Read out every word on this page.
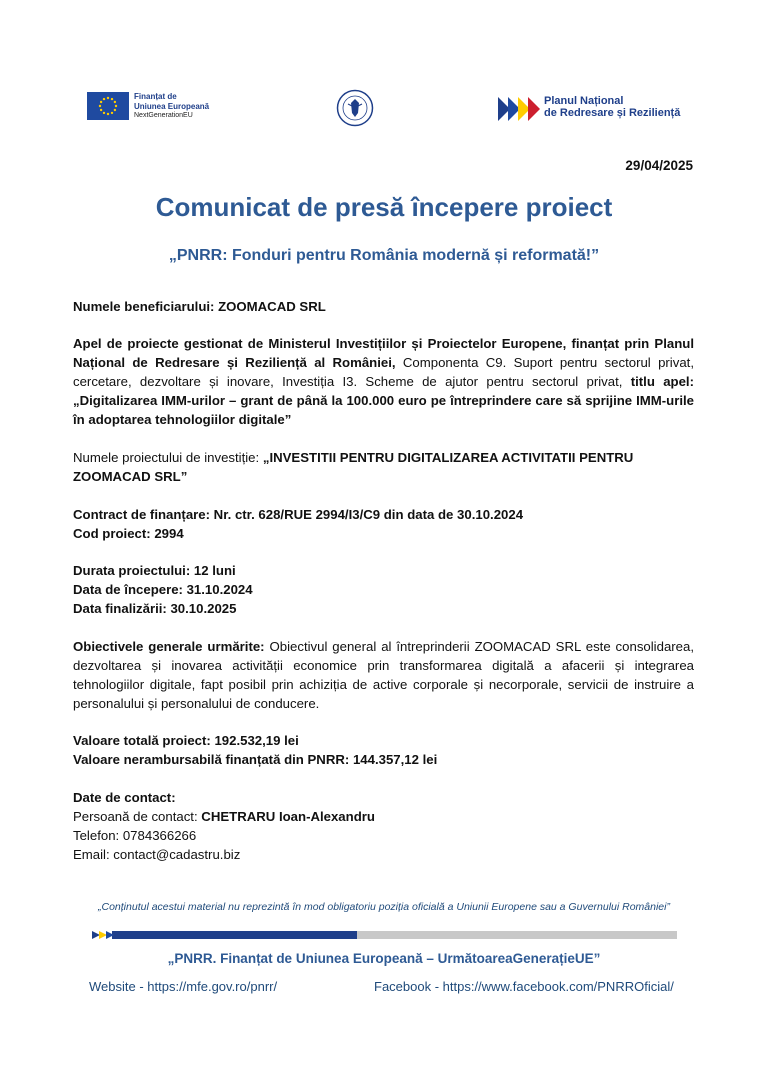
Finanțat de
Uniunea Europeană
NextGenerationEU
Planul Național
de Redresare și Reziliență
29/04/2025
Comunicat de presă începere proiect
„PNRR: Fonduri pentru România modernă și reformată!”
Numele beneficiarului: ZOOMACAD SRL
Apel de proiecte gestionat de Ministerul Investițiilor și Proiectelor Europene, finanțat prin Planul Național de Redresare și Reziliență al României, Componenta C9. Suport pentru sectorul privat, cercetare, dezvoltare și inovare, Investiția I3. Scheme de ajutor pentru sectorul privat, titlu apel: „Digitalizarea IMM-urilor – grant de până la 100.000 euro pe întreprindere care să sprijine IMM-urile în adoptarea tehnologiilor digitale”
Numele proiectului de investiție: „INVESTITII PENTRU DIGITALIZAREA ACTIVITATII PENTRU ZOOMACAD SRL”
Contract de finanțare: Nr. ctr. 628/RUE 2994/I3/C9 din data de 30.10.2024
Cod proiect: 2994
Durata proiectului: 12 luni
Data de începere: 31.10.2024
Data finalizării: 30.10.2025
Obiectivele generale urmărite: Obiectivul general al întreprinderii ZOOMACAD SRL este consolidarea, dezvoltarea și inovarea activității economice prin transformarea digitală a afacerii și integrarea tehnologiilor digitale, fapt posibil prin achiziția de active corporale și necorporale, servicii de instruire a personalului și personalului de conducere.
Valoare totală proiect: 192.532,19 lei
Valoare nerambursabilă finanțată din PNRR: 144.357,12 lei
Date de contact:
Persoană de contact: CHETRARU Ioan-Alexandru
Telefon: 0784366266
Email: contact@cadastru.biz
„Conținutul acestui material nu reprezintă în mod obligatoriu poziția oficială a Uniunii Europene sau a Guvernului României”
„PNRR. Finanțat de Uniunea Europeană – UrmătoareaGenerațieUE”
Website - https://mfe.gov.ro/pnrr/	Facebook - https://www.facebook.com/PNRROficial/
